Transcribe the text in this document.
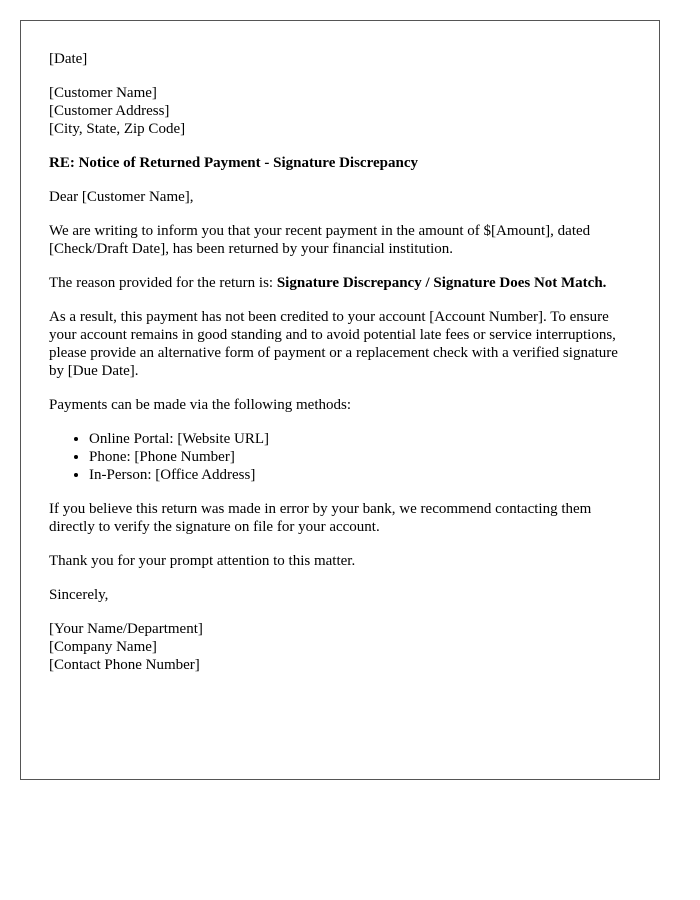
[Date]

[Customer Name]
[Customer Address]
[City, State, Zip Code]

RE: Notice of Returned Payment - Signature Discrepancy

Dear [Customer Name],

We are writing to inform you that your recent payment in the amount of $[Amount], dated [Check/Draft Date], has been returned by your financial institution.

The reason provided for the return is: Signature Discrepancy / Signature Does Not Match.

As a result, this payment has not been credited to your account [Account Number]. To ensure your account remains in good standing and to avoid potential late fees or service interruptions, please provide an alternative form of payment or a replacement check with a verified signature by [Due Date].

Payments can be made via the following methods:

• Online Portal: [Website URL]
• Phone: [Phone Number]
• In-Person: [Office Address]

If you believe this return was made in error by your bank, we recommend contacting them directly to verify the signature on file for your account.

Thank you for your prompt attention to this matter.

Sincerely,

[Your Name/Department]
[Company Name]
[Contact Phone Number]
